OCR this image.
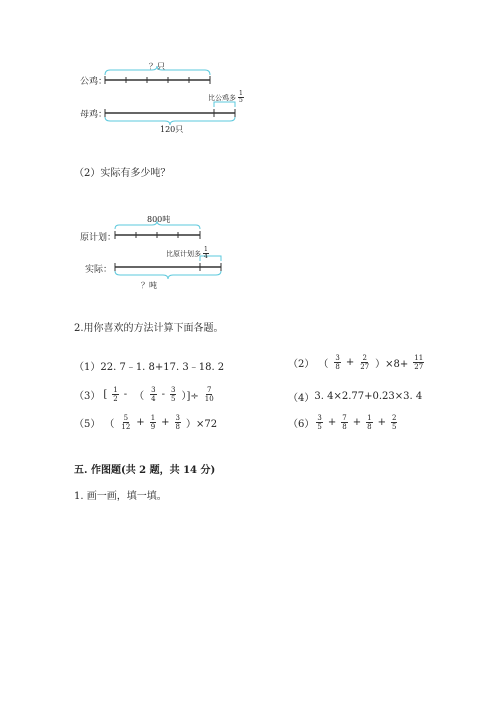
？只
公鸡：
母鸡：
比公鸡多 $\frac{1}{5}$
120只
（2）实际有多少吨？
800吨
原计划：
实际：
比原计划多 $\frac{1}{4}$
？吨
2.用你喜欢的方法计算下面各题。
（1） 22. 7﹣1. 8+17. 3﹣18. 2	（2） （ $\frac{3}{8} + \frac{2}{27} )\times 8+ \frac{11}{27}$
（3） [ $\frac{1}{2}$ - （ $\frac{3}{4} - \frac{3}{5}$ ）]÷ $\frac{7}{10}$	（4） 3. 4×2.77+0.23×3. 4
（5） （ $\frac{5}{12} + \frac{1}{9} + \frac{3}{8} )\times 72$	$(6) \frac{3}{5} + \frac{7}{8} + \frac{1}{8} + \frac{2}{5}$
五. 作图题(共 2 题，共 14 分)
1. 画一画，填一填。
